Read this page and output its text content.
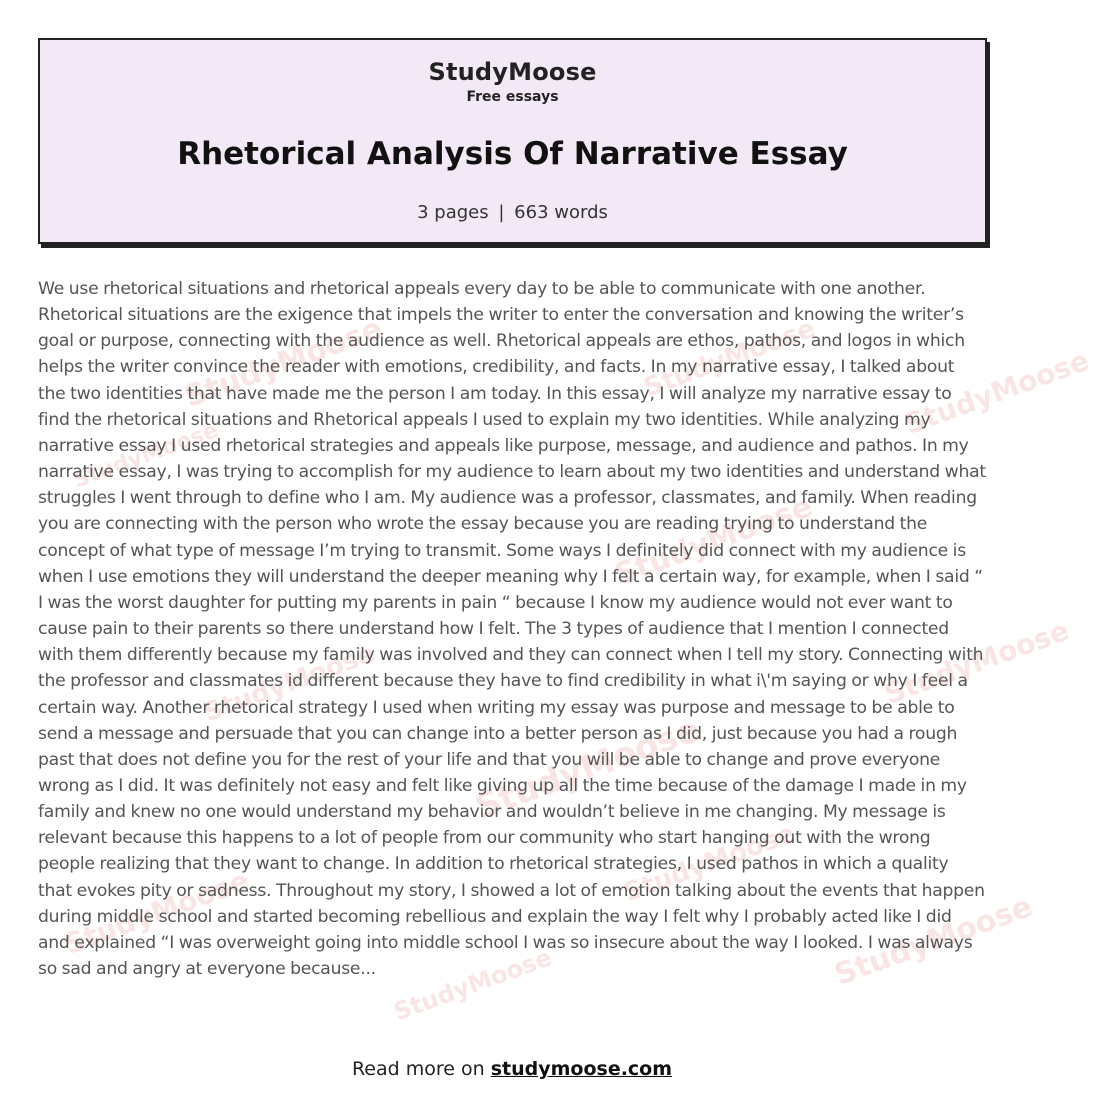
StudyMoose
Free essays
Rhetorical Analysis Of Narrative Essay
3 pages | 663 words
StudyMoose	StudyMoose
StudyMoose
StudyMoose
StudyMoose
StudyMoose
StudyMoose
StudyMoose
StudyMoose
StudyMoose
StudyMoose
StudyMoose
We use rhetorical situations and rhetorical appeals every day to be able to communicate with one another. Rhetorical situations are the exigence that impels the writer to enter the conversation and knowing the writer’s goal or purpose, connecting with the audience as well. Rhetorical appeals are ethos, pathos, and logos in which helps the writer convince the reader with emotions, credibility, and facts. In my narrative essay, I talked about the two identities that have made me the person I am today. In this essay, I will analyze my narrative essay to find the rhetorical situations and Rhetorical appeals I used to explain my two identities. While analyzing my narrative essay I used rhetorical strategies and appeals like purpose, message, and audience and pathos. In my narrative essay, I was trying to accomplish for my audience to learn about my two identities and understand what struggles I went through to define who I am. My audience was a professor, classmates, and family. When reading you are connecting with the person who wrote the essay because you are reading trying to understand the concept of what type of message I’m trying to transmit. Some ways I definitely did connect with my audience is when I use emotions they will understand the deeper meaning why I felt a certain way, for example, when I said “ I was the worst daughter for putting my parents in pain “ because I know my audience would not ever want to cause pain to their parents so there understand how I felt. The 3 types of audience that I mention I connected with them differently because my family was involved and they can connect when I tell my story. Connecting with the professor and classmates id different because they have to find credibility in what i\'m saying or why I feel a certain way. Another rhetorical strategy I used when writing my essay was purpose and message to be able to send a message and persuade that you can change into a better person as I did, just because you had a rough past that does not define you for the rest of your life and that you will be able to change and prove everyone wrong as I did. It was definitely not easy and felt like giving up all the time because of the damage I made in my family and knew no one would understand my behavior and wouldn’t believe in me changing. My message is relevant because this happens to a lot of people from our community who start hanging out with the wrong people realizing that they want to change. In addition to rhetorical strategies, I used pathos in which a quality that evokes pity or sadness. Throughout my story, I showed a lot of emotion talking about the events that happen during middle school and started becoming rebellious and explain the way I felt why I probably acted like I did and explained “I was overweight going into middle school I was so insecure about the way I looked. I was always so sad and angry at everyone because...
Read more on studymoose.com
